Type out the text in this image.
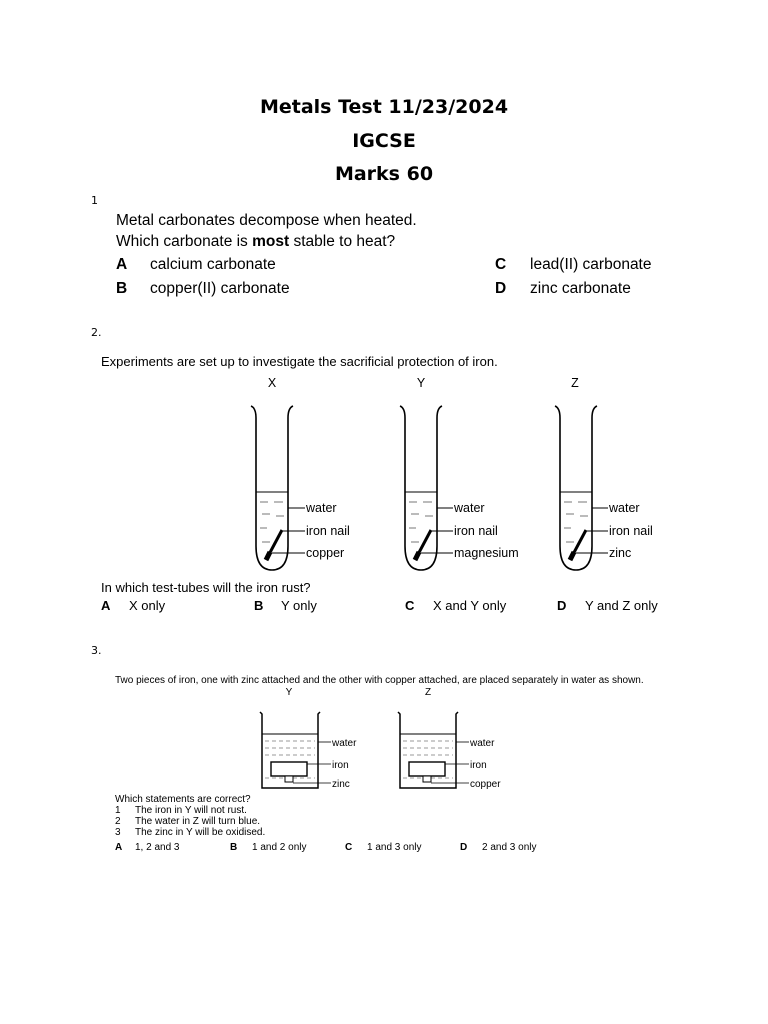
Metals Test 11/23/2024
IGCSE
Marks 60
1
Metal carbonates decompose when heated.
Which carbonate is most stable to heat?
A calcium carbonate
B copper(II) carbonate
C lead(II) carbonate
D zinc carbonate
2.
Experiments are set up to investigate the sacrificial protection of iron.
X	Y	Z
water
iron nail
copper
water
iron nail
magnesium
water
iron nail
zinc
In which test-tubes will the iron rust?
A X only	B Y only	C X and Y only	D Y and Z only
3.
Two pieces of iron, one with zinc attached and the other with copper attached, are placed separately in water as shown.
Y	Z
water
iron
zinc
water
iron
copper
Which statements are correct?
1 The iron in Y will not rust.
2 The water in Z will turn blue.
3 The zinc in Y will be oxidised.
A 1, 2 and 3	B 1 and 2 only	C 1 and 3 only	D 2 and 3 only
